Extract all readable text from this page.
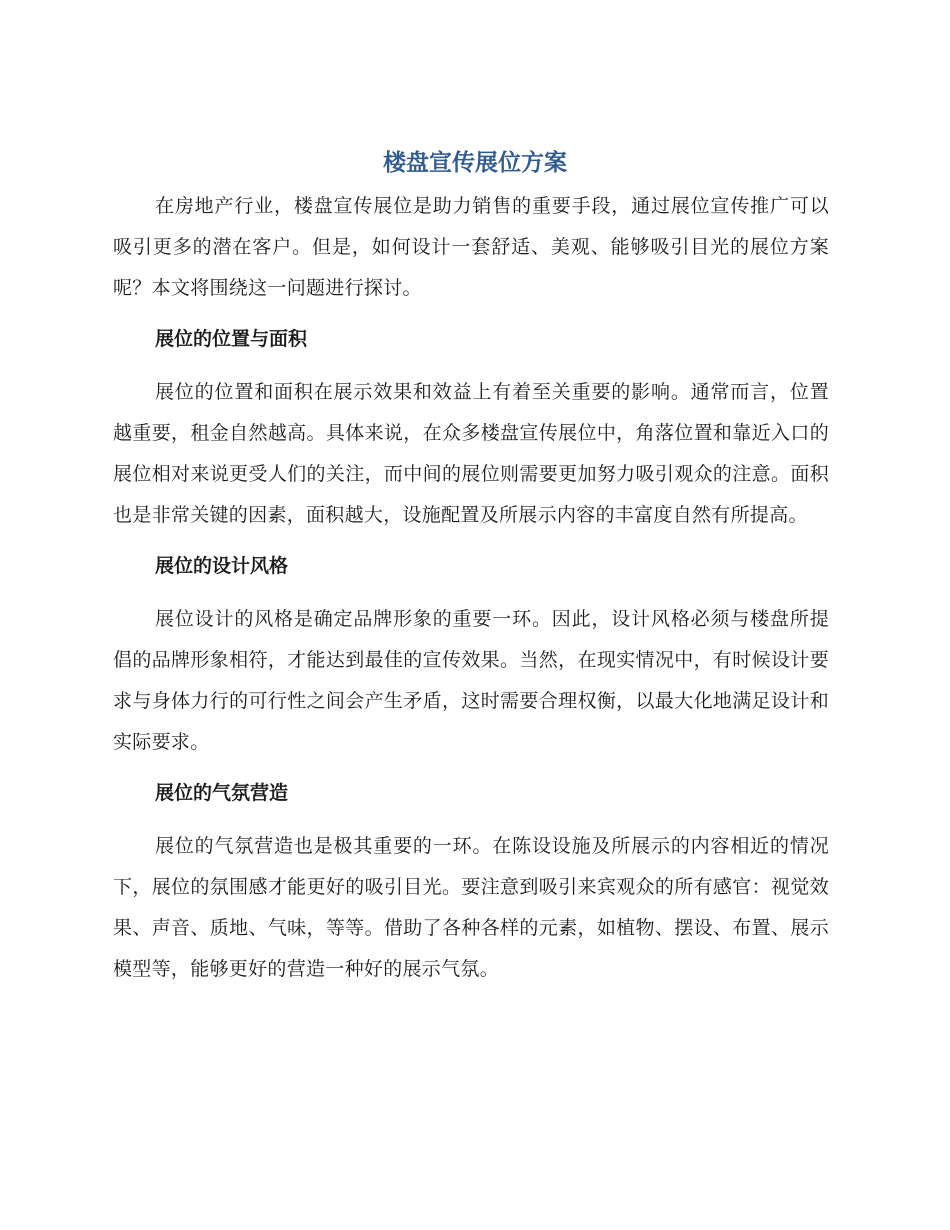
楼盘宣传展位方案

在房地产行业，楼盘宣传展位是助力销售的重要手段，通过展位宣传推广可以吸引更多的潜在客户。但是，如何设计一套舒适、美观、能够吸引目光的展位方案呢？本文将围绕这一问题进行探讨。

展位的位置与面积

展位的位置和面积在展示效果和效益上有着至关重要的影响。通常而言，位置越重要，租金自然越高。具体来说，在众多楼盘宣传展位中，角落位置和靠近入口的展位相对来说更受人们的关注，而中间的展位则需要更加努力吸引观众的注意。面积也是非常关键的因素，面积越大，设施配置及所展示内容的丰富度自然有所提高。

展位的设计风格

展位设计的风格是确定品牌形象的重要一环。因此，设计风格必须与楼盘所提倡的品牌形象相符，才能达到最佳的宣传效果。当然，在现实情况中，有时候设计要求与身体力行的可行性之间会产生矛盾，这时需要合理权衡，以最大化地满足设计和实际要求。

展位的气氛营造

展位的气氛营造也是极其重要的一环。在陈设设施及所展示的内容相近的情况下，展位的氛围感才能更好的吸引目光。要注意到吸引来宾观众的所有感官：视觉效果、声音、质地、气味，等等。借助了各种各样的元素，如植物、摆设、布置、展示模型等，能够更好的营造一种好的展示气氛。
